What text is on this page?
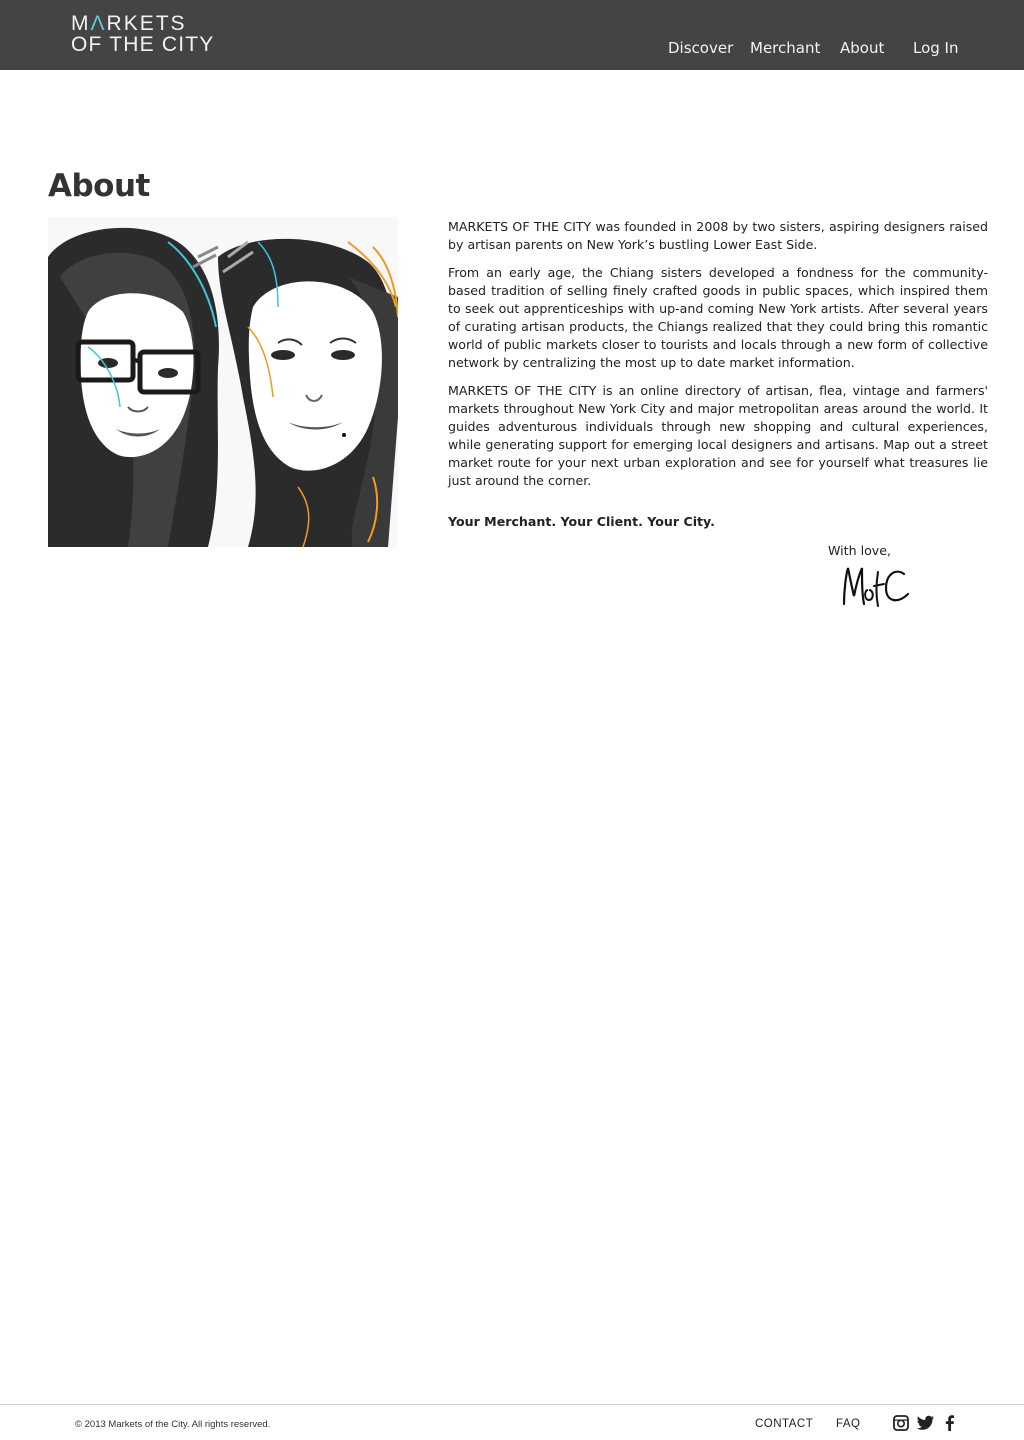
MΛRKETS
OF THE CITY	Discover Merchant About Log In
About

MARKETS OF THE CITY was founded in 2008 by two sisters, aspiring designers raised by artisan parents on New York’s bustling Lower East Side.

From an early age, the Chiang sisters developed a fondness for the community-based tradition of selling finely crafted goods in public spaces, which inspired them to seek out apprenticeships with up-and coming New York artists. After several years of curating artisan products, the Chiangs realized that they could bring this romantic world of public markets closer to tourists and locals through a new form of collective network by centralizing the most up to date market information.

MARKETS OF THE CITY is an online directory of artisan, flea, vintage and farmers' markets throughout New York City and major metropolitan areas around the world. It guides adventurous individuals through new shopping and cultural experiences, while generating support for emerging local designers and artisans. Map out a street market route for your next urban exploration and see for yourself what treasures lie just around the corner.

Your Merchant. Your Client. Your City.
With love,
© 2013 Markets of the City. All rights reserved.	CONTACT FAQ
